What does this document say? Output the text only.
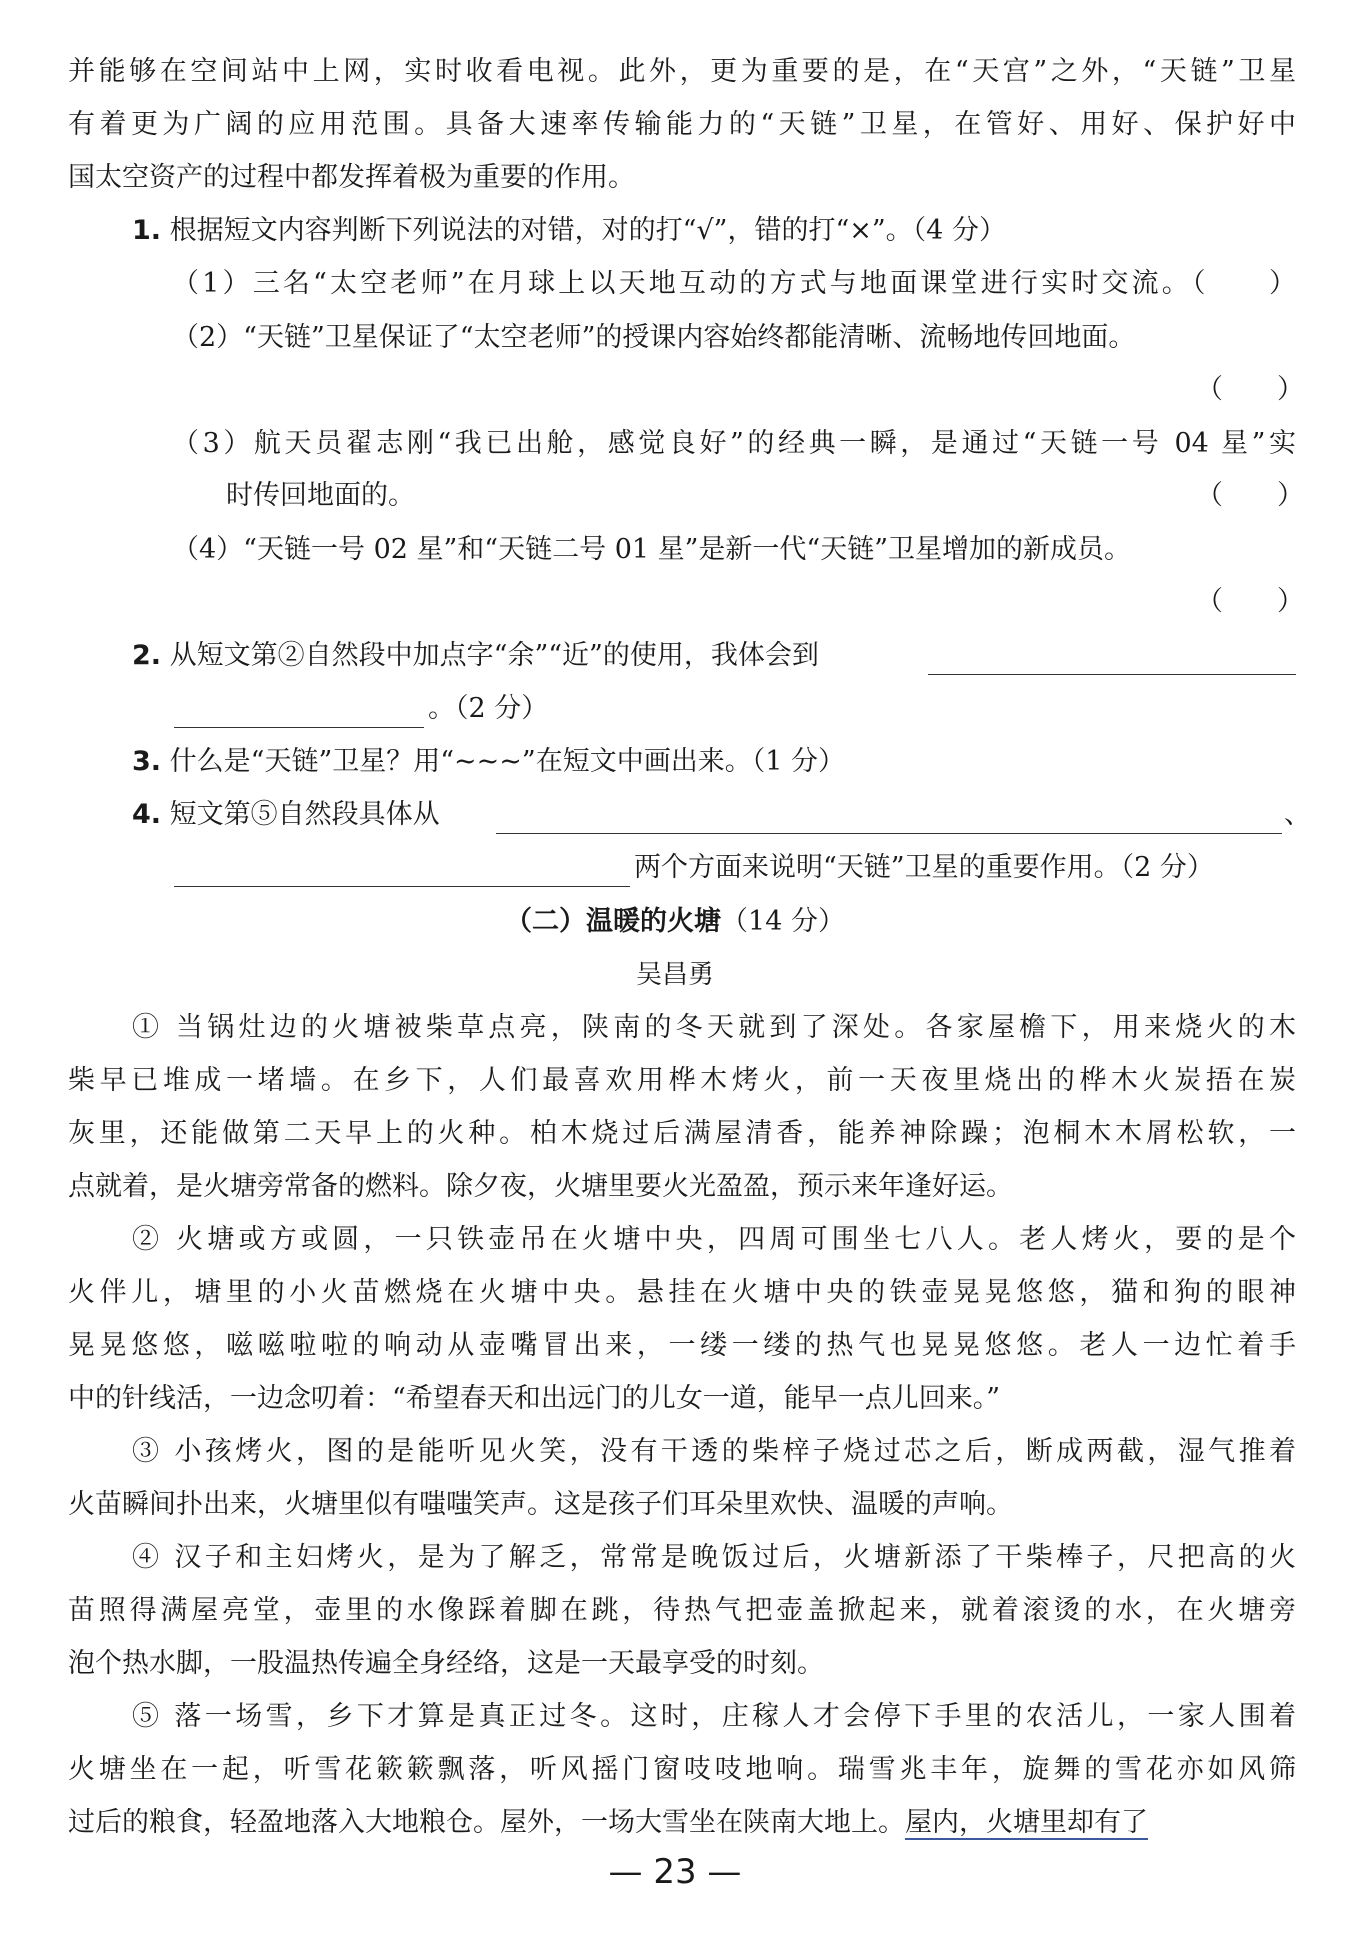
并能够在空间站中上网，实时收看电视。此外，更为重要的是，在“天宫”之外，“天链”卫星
有着更为广阔的应用范围。具备大速率传输能力的“天链”卫星，在管好、用好、保护好中
国太空资产的过程中都发挥着极为重要的作用。
1. 根据短文内容判断下列说法的对错，对的打“√”，错的打“×”。（4 分）
（1）三名“太空老师”在月球上以天地互动的方式与地面课堂进行实时交流。（　　）
（2）“天链”卫星保证了“太空老师”的授课内容始终都能清晰、流畅地传回地面。
（　　）
（3）航天员翟志刚“我已出舱，感觉良好”的经典一瞬，是通过“天链一号 04 星”实
时传回地面的。	（　　）
（4）“天链一号 02 星”和“天链二号 01 星”是新一代“天链”卫星增加的新成员。
（　　）
2. 从短文第②自然段中加点字“余”“近”的使用，我体会到
。（2 分）
3. 什么是“天链”卫星？用“~~~”在短文中画出来。（1 分）
4. 短文第⑤自然段具体从	、
两个方面来说明“天链”卫星的重要作用。（2 分）
（二）温暖的火塘（14 分）
吴昌勇
① 当锅灶边的火塘被柴草点亮，陕南的冬天就到了深处。各家屋檐下，用来烧火的木
柴早已堆成一堵墙。在乡下，人们最喜欢用桦木烤火，前一天夜里烧出的桦木火炭捂在炭
灰里，还能做第二天早上的火种。柏木烧过后满屋清香，能养神除躁；泡桐木木屑松软，一
点就着，是火塘旁常备的燃料。除夕夜，火塘里要火光盈盈，预示来年逢好运。
② 火塘或方或圆，一只铁壶吊在火塘中央，四周可围坐七八人。老人烤火，要的是个
火伴儿，塘里的小火苗燃烧在火塘中央。悬挂在火塘中央的铁壶晃晃悠悠，猫和狗的眼神
晃晃悠悠，嗞嗞啦啦的响动从壶嘴冒出来，一缕一缕的热气也晃晃悠悠。老人一边忙着手
中的针线活，一边念叨着：“希望春天和出远门的儿女一道，能早一点儿回来。”
③ 小孩烤火，图的是能听见火笑，没有干透的柴梓子烧过芯之后，断成两截，湿气推着
火苗瞬间扑出来，火塘里似有嗤嗤笑声。这是孩子们耳朵里欢快、温暖的声响。
④ 汉子和主妇烤火，是为了解乏，常常是晚饭过后，火塘新添了干柴棒子，尺把高的火
苗照得满屋亮堂，壶里的水像踩着脚在跳，待热气把壶盖掀起来，就着滚烫的水，在火塘旁
泡个热水脚，一股温热传遍全身经络，这是一天最享受的时刻。
⑤ 落一场雪，乡下才算是真正过冬。这时，庄稼人才会停下手里的农活儿，一家人围着
火塘坐在一起，听雪花簌簌飘落，听风摇门窗吱吱地响。瑞雪兆丰年，旋舞的雪花亦如风筛
过后的粮食，轻盈地落入大地粮仓。屋外，一场大雪坐在陕南大地上。屋内，火塘里却有了
— 23 —
